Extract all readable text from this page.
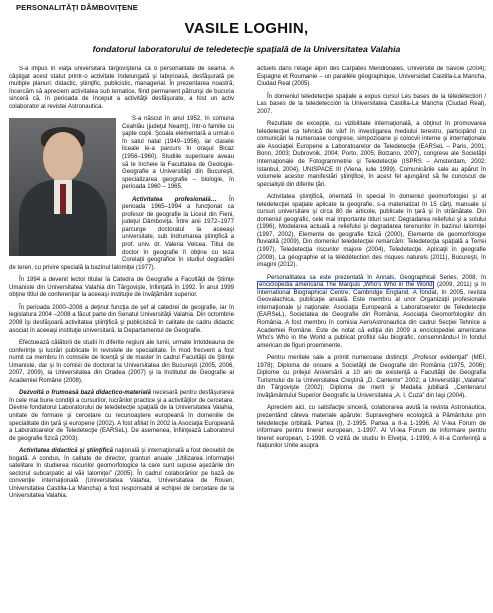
PERSONALITĂŢI DÂMBOVIŢENE
VASILE LOGHIN,
fondatorul laboratorului de teledetecţie spaţială de la Universitatea Valahia

S-a impus în viaţa universitară târgoviştenă ca o personalitate de seamă. A câştigat acest statut printr-o activitate îndelungată şi laborioasă, desfăşurată pe multiple planuri: didactic, ştiinţific, publicistic, managerial. În prezentarea noastră, încercăm să apreciem activitatea sub tematice, fiind permanent pătrunşi de bucuria sinceră că, în perioada de început a activităţii desfăşurate, a fost un activ colaborator al revistei Astronautica.

S-a născut în anul 1952, în comuna Ceahlău (judeţul Neamţ), într-o familie cu şapte copii. Şcoala elementară a urmat-o în satul natal (1949–1956), iar clasele liceale le-a parcurs în oraşul Bicaz (1956–1960). Studiile superioare aveau să le încheie la Facultatea de Geologie-Geografie a Universităţii din Bucureşti, specializarea geografie – biologie, în perioada 1960 – 1965.

Activitatea profesională… În perioada 1965–1994 a funcţionat ca profesor de geografie la Liceul din Fieni, judeţul Dâmboviţa. Între anii 1972–1977 parcurge doctoratul la aceeaşi universitate, sub îndrumarea ştiinţifică a prof. univ. dr. Valeria Velcea. Titlul de doctor în geografie îl obţine cu teza Corelaţii geografice în studiul degradării de teren, cu privire specială la bazinul Ialomiţei (1977).

În 1994 a devenit lector titular la Catedra de Geografie a Facultăţii de Ştiinţe Umaniste din Universitatea Valahia din Târgovişte, înfiinţată în 1992. În anul 1999 obţine titlul de conferenţiar la aceeaşi instituţie de învăţământ superior.

În perioada 2000–2008 a deţinut funcţia de şef al catedrei de geografie, iar în legislatura 2004 –2008 a făcut parte din Senatul Universităţii Valahia. Din octombrie 2008 îşi desfăşoară activitatea ştiinţifică şi publicistică în calitate de cadru didactic asociat în aceeaşi instituţie universitară, la Departamentul de Geografie.

Efectuează călătorii de studii în diferite regiuni ale lumii, urmate întotdeauna de conferinţe şi lucrări publicate în revistele de specialitate. În mod frecvent a fost numit ca membru în comisiile de licenţă şi de master în cadrul Facultăţii de Ştiinţe Umaniste, dar şi în comisii de doctorat la Universitatea din Bucureşti (2005, 2006, 2007, 2009), la Universitatea din Oradea (2007) şi la Institutul de Geografie al Academiei Române (2008).

Dezvoltă o frumoasă bază didactico-materială necesară pentru desfăşurarea în cele mai bune condiţii a cursurilor, lucrărilor practice şi a activităţilor de cercetare. Devine fondatorul Laboratorului de teledetecţie spaţială de la Universitatea Valahia, unitate de formare şi cercetare cu recunoaştere europeană în domeniile de specialitate din ţară şi europene (2002). A fost afiliat în 2002 la Asociaţia Europeană a Laboratoarelor de Teledetecţie (EARSeL). De asemenea, înfiinţează Laboratorul de geografie fizică (2003).

Activitatea didactică şi ştiinţifică naţională şi internaţională a fost deosebit de bogată. A condus, în calitate de director, granturi anuale „Utilizarea informaţiei satelitare în studierea riscurilor geomorfologice la care sunt supuse aşezările din sectorul subcarpatic al văii Ialomiţei” (2005). În cadrul colaborărilor pe bază de convenţie internaţională (Universitatea Valahia, Universitatea de Rouen, Universitatea Castilla-La Mancha) a fost responsabil al echipei de cercetare de la Universitatea Valahia.

actuels dans l'étage alpin des Carpates Meridionales, Université de Savoie (2004); Espagne et Roumanie – un parallèle géographique, Universidad Castilla-La Mancha, Ciudad Real (2005).

În domeniul teledetecţiei spaţiale a expus cursul Les bases de la télédétection / Las bases de la teledetección la Universitatea Castilla-La Mancha (Ciudad Real), 2007.

Rezultate de excepţie, cu vizibilitate internaţională, a obţinut în promovarea teledetecţiei ca tehnică de vârf în investigarea mediului terestru, participând cu comunicări la numeroase congrese, simpozioane şi colocvii interne şi internaţionale ale Asociaţiei Europene a Laboratoarelor de Teledetecţie (EARSeL – Paris, 2001; Bonn, 2003; Dubrovnik, 2004; Porto, 2005; Bolzano, 2007), congrese ale Societăţii Internaţionale de Fotogrammetrie şi Teledetecţie (ISPRS – Amsterdam, 2002; Istanbul, 2004), UNISPACE III (Viena, iulie 1999). Comunicările sale au apărut în volumele acestor manifestări ştiinţifice, în acest fel ajungând să fie cunoscut de specialiştii din diferite ţări.

Activitatea ştiinţifică, orientată în special în domeniul geomorfologiei şi al teledetecţiei spaţiale aplicate la geografie, s-a materializat în 15 cărţi, manuale şi cursuri universitare şi circa 80 de articole, publicate în ţară şi în străinătate. Din domeniul geografic, cele mai importante titluri sunt: Degradarea reliefului şi a solului (1996), Modelarea actuală a reliefului şi degradarea terenurilor în bazinul Ialomiţei (1997, 2002), Elemente de geografie fizică (2000), Elemente de geomorfologie fluviatilă (2009), Din domeniul teledetecţiei remarcăm: Teledetecţia spaţială a Terrei (1997), Teledetecţia riscurilor majore (2004), Teledetecţie. Aplicaţii în geografie (2008), La géographie et la télédétection des risques naturels (2011), Bucureşti, în imagini (2012).

Personalitatea sa este prezentată în Annals, Geographical Series, 2008, în enciclopedia americană The Marquis „Who's Who in the World (2009, 2011) şi în International Biographical Centre, Cambridge England. A fondat, în 2005, revista Geovalachica, publicaţie anuală. Este membru al unor Organizaţii profesionale internaţionale şi naţionale: Asociaţia Europeană a Laboratoarelor de Teledetecţie (EARSeL), Societatea de Geografie din România, Asociaţia Geomorfologilor din România. A fost membru în comisia AeroAstronautica din cadrul Secţiei Tehnice a Academiei Române. Este de notat că ediţia din 2009 a enciclopediei americane Who's Who in the World a publicat profilul său biografic, consemnându-l în fondul american de figuri proeminente.

Pentru meritele sale a primit numeroase distincţii: „Profesor evidenţiat” (MEI, 1978); Diploma de onoare a Societăţii de Geografie din România (1975, 2006); Diplome cu prilejul Aniversării a 10 ani de existenţă a Facultăţii de Geografia Turismului de la Universitatea Creştină „D. Cantemir” 2002; a Universităţii „Valahia” din Târgovişte (2002); Diploma de merit şi Medalia jubiliară „Centenarul învăţământului Superior Geografic la Universitatea „A. I. Cuza” din Iaşi (2004).

Apreciem aici, cu satisfacţie sinceră, colaborarea avută la revista Astronautica, prezentând câteva materiale apărute: Supraveghere ecologică a Pământului prin teledetecţie orbitală. Partea (I), 2-1995. Partea a II-a 1-1996, Al V-lea Forum de informare pentru tineret european, 1-1997. Al VI-lea Forum de informare pentru tineret european, 1-1998. O vizită de studiu în Elveţia, 1-1999, A III-a Conferinţă a Naţiunilor Unite asupra
